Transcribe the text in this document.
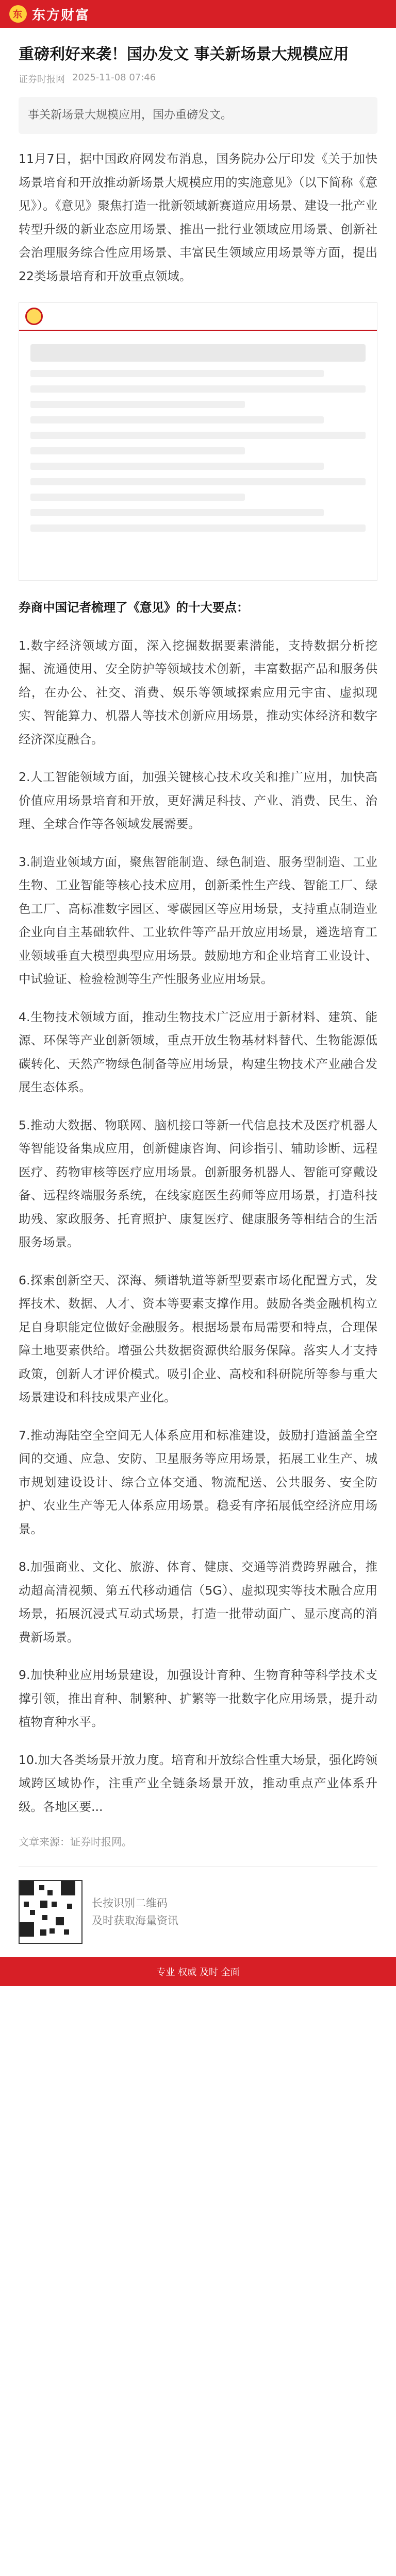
东 东方财富
重磅利好来袭！国办发文 事关新场景大规模应用
证券时报网 2025-11-08 07:46
事关新场景大规模应用，国办重磅发文。

11月7日，据中国政府网发布消息，国务院办公厅印发《关于加快场景培育和开放推动新场景大规模应用的实施意见》（以下简称《意见》）。《意见》聚焦打造一批新领域新赛道应用场景、建设一批产业转型升级的新业态应用场景、推出一批行业领域应用场景、创新社会治理服务综合性应用场景、丰富民生领域应用场景等方面，提出22类场景培育和开放重点领域。

券商中国记者梳理了《意见》的十大要点：

1.数字经济领域方面，深入挖掘数据要素潜能，支持数据分析挖掘、流通使用、安全防护等领域技术创新，丰富数据产品和服务供给，在办公、社交、消费、娱乐等领域探索应用元宇宙、虚拟现实、智能算力、机器人等技术创新应用场景，推动实体经济和数字经济深度融合。

2.人工智能领域方面，加强关键核心技术攻关和推广应用，加快高价值应用场景培育和开放，更好满足科技、产业、消费、民生、治理、全球合作等各领域发展需要。

3.制造业领域方面，聚焦智能制造、绿色制造、服务型制造、工业生物、工业智能等核心技术应用，创新柔性生产线、智能工厂、绿色工厂、高标准数字园区、零碳园区等应用场景，支持重点制造业企业向自主基础软件、工业软件等产品开放应用场景，遴选培育工业领域垂直大模型典型应用场景。鼓励地方和企业培育工业设计、中试验证、检验检测等生产性服务业应用场景。

4.生物技术领域方面，推动生物技术广泛应用于新材料、建筑、能源、环保等产业创新领域，重点开放生物基材料替代、生物能源低碳转化、天然产物绿色制备等应用场景，构建生物技术产业融合发展生态体系。

5.推动大数据、物联网、脑机接口等新一代信息技术及医疗机器人等智能设备集成应用，创新健康咨询、问诊指引、辅助诊断、远程医疗、药物审核等医疗应用场景。创新服务机器人、智能可穿戴设备、远程终端服务系统，在线家庭医生药师等应用场景，打造科技助残、家政服务、托育照护、康复医疗、健康服务等相结合的生活服务场景。

6.探索创新空天、深海、频谱轨道等新型要素市场化配置方式，发挥技术、数据、人才、资本等要素支撑作用。鼓励各类金融机构立足自身职能定位做好金融服务。根据场景布局需要和特点，合理保障土地要素供给。增强公共数据资源供给服务保障。落实人才支持政策，创新人才评价模式。吸引企业、高校和科研院所等参与重大场景建设和科技成果产业化。

7.推动海陆空全空间无人体系应用和标准建设，鼓励打造涵盖全空间的交通、应急、安防、卫星服务等应用场景，拓展工业生产、城市规划建设设计、综合立体交通、物流配送、公共服务、安全防护、农业生产等无人体系应用场景。稳妥有序拓展低空经济应用场景。

8.加强商业、文化、旅游、体育、健康、交通等消费跨界融合，推动超高清视频、第五代移动通信（5G）、虚拟现实等技术融合应用场景，拓展沉浸式互动式场景，打造一批带动面广、显示度高的消费新场景。

9.加快种业应用场景建设，加强设计育种、生物育种等科学技术支撑引领，推出育种、制繁种、扩繁等一批数字化应用场景，提升动植物育种水平。

10.加大各类场景开放力度。培育和开放综合性重大场景，强化跨领域跨区域协作，注重产业全链条场景开放，推动重点产业体系升级。各地区要...

文章来源：证券时报网。
长按识别二维码
及时获取海量资讯
专业 权威 及时 全面
